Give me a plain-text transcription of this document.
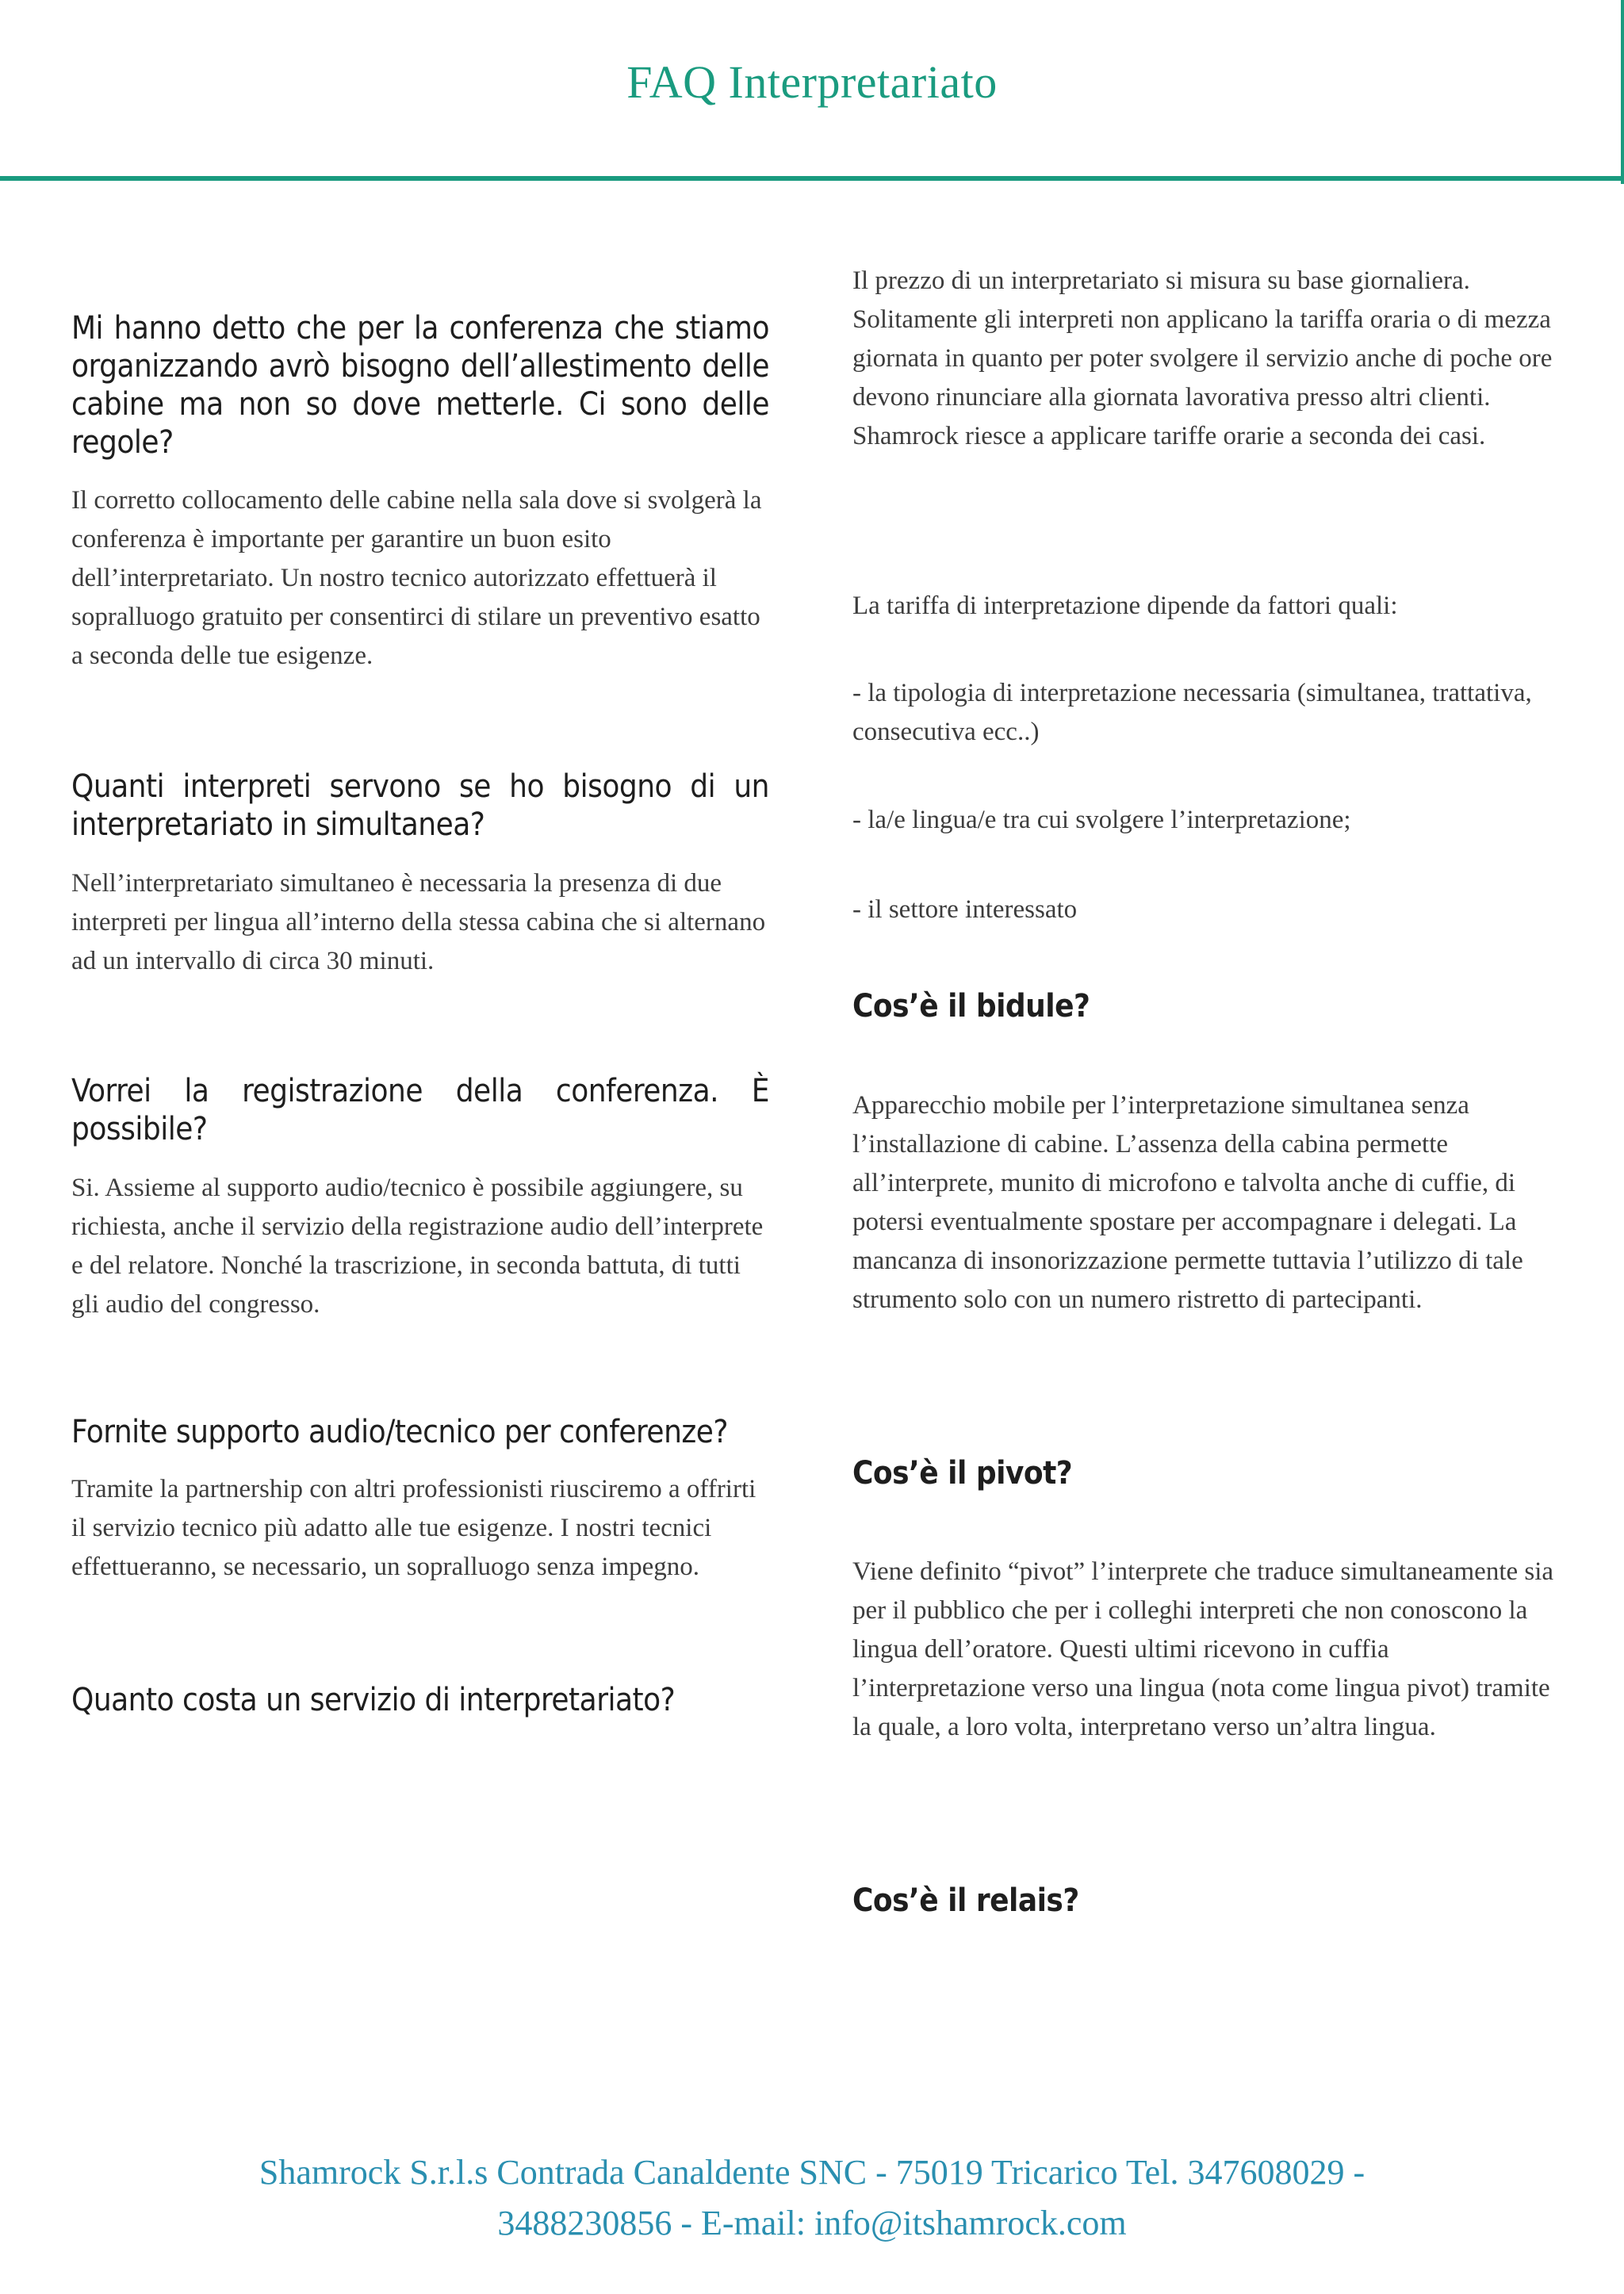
FAQ Interpretariato

Mi hanno detto che per la conferenza che stiamo organizzando avrò bisogno dell’allestimento delle cabine ma non so dove metterle. Ci sono delle regole?

Il corretto collocamento delle cabine nella sala dove si svolgerà la conferenza è importante per garantire un buon esito dell’interpretariato. Un nostro tecnico autorizzato effettuerà il sopralluogo gratuito per consentirci di stilare un preventivo esatto a seconda delle tue esigenze.

Quanti interpreti servono se ho bisogno di un interpretariato in simultanea?

Nell’interpretariato simultaneo è necessaria la presenza di due interpreti per lingua all’interno della stessa cabina che si alternano ad un intervallo di circa 30 minuti.

Vorrei la registrazione della conferenza. È possibile?

Si. Assieme al supporto audio/tecnico è possibile aggiungere, su richiesta, anche il servizio della registrazione audio dell’interprete e del relatore. Nonché la trascrizione, in seconda battuta, di tutti gli audio del congresso.

Fornite supporto audio/tecnico per conferenze?

Tramite la partnership con altri professionisti riusciremo a offrirti il servizio tecnico più adatto alle tue esigenze. I nostri tecnici effettueranno, se necessario, un sopralluogo senza impegno.

Quanto costa un servizio di interpretariato?

Il prezzo di un interpretariato si misura su base giornaliera. Solitamente gli interpreti non applicano la tariffa oraria o di mezza giornata in quanto per poter svolgere il servizio anche di poche ore devono rinunciare alla giornata lavorativa presso altri clienti. Shamrock riesce a applicare tariffe orarie a seconda dei casi.

La tariffa di interpretazione dipende da fattori quali:

- la tipologia di interpretazione necessaria (simultanea, trattativa, consecutiva ecc..)

- la/e lingua/e tra cui svolgere l’interpretazione;

- il settore interessato

Cos’è il bidule?

Apparecchio mobile per l’interpretazione simultanea senza l’installazione di cabine. L’assenza della cabina permette all’interprete, munito di microfono e talvolta anche di cuffie, di potersi eventualmente spostare per accompagnare i delegati. La mancanza di insonorizzazione permette tuttavia l’utilizzo di tale strumento solo con un numero ristretto di partecipanti.

Cos’è il pivot?

Viene definito “pivot” l’interprete che traduce simultaneamente sia per il pubblico che per i colleghi interpreti che non conoscono la lingua dell’oratore. Questi ultimi ricevono in cuffia l’interpretazione verso una lingua (nota come lingua pivot) tramite la quale, a loro volta, interpretano verso un’altra lingua.

Cos’è il relais?

Shamrock S.r.l.s Contrada Canaldente SNC - 75019 Tricarico Tel. 347608029 -
3488230856 - E-mail: info@itshamrock.com
